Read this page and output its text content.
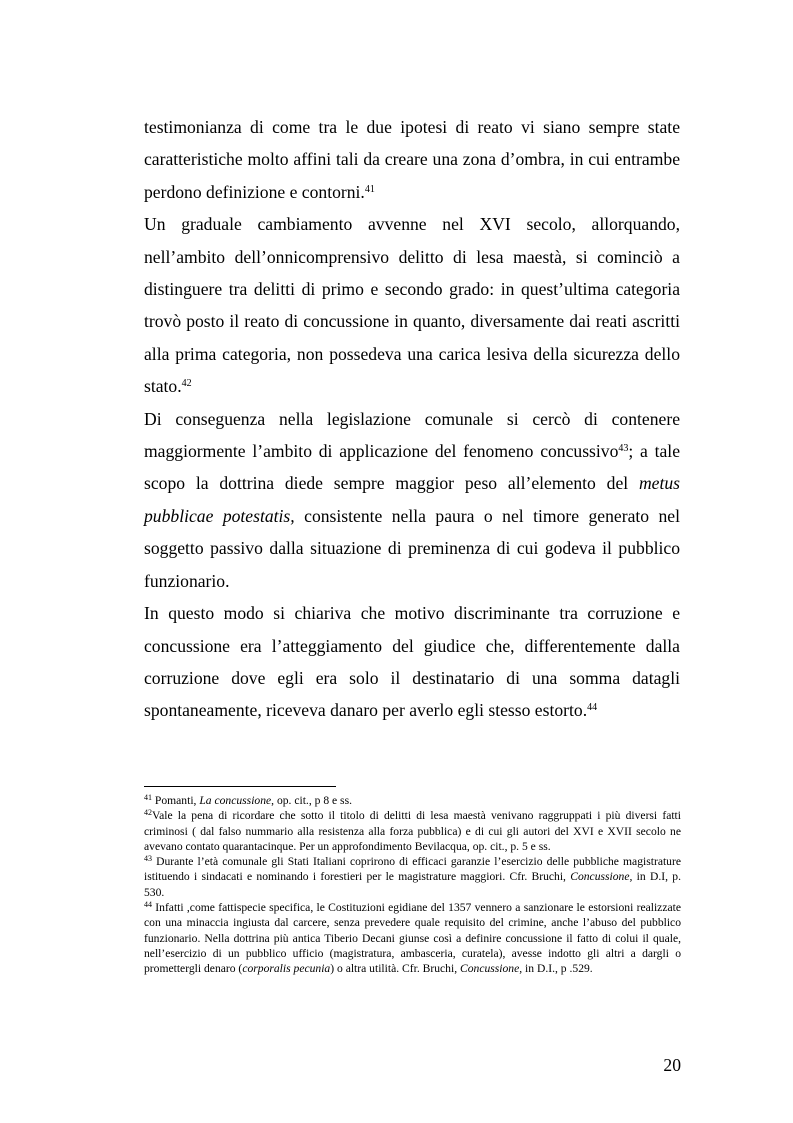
testimonianza di come tra le due ipotesi di reato vi siano sempre state caratteristiche molto affini tali da creare una zona d’ombra, in cui entrambe perdono definizione e contorni.$^{41}$

Un graduale cambiamento avvenne nel XVI secolo, allorquando, nell’ambito dell’onnicomprensivo delitto di lesa maestà, si cominciò a distinguere tra delitti di primo e secondo grado: in quest’ultima categoria trovò posto il reato di concussione in quanto, diversamente dai reati ascritti alla prima categoria, non possedeva una carica lesiva della sicurezza dello stato.$^{42}$

Di conseguenza nella legislazione comunale si cercò di contenere maggiormente l’ambito di applicazione del fenomeno concussivo$^{43}$; a tale scopo la dottrina diede sempre maggior peso all’elemento del metus pubblicae potestatis, consistente nella paura o nel timore generato nel soggetto passivo dalla situazione di preminenza di cui godeva il pubblico funzionario.

In questo modo si chiariva che motivo discriminante tra corruzione e concussione era l’atteggiamento del giudice che, differentemente dalla corruzione dove egli era solo il destinatario di una somma datagli spontaneamente, riceveva danaro per averlo egli stesso estorto.$^{44}$

$^{41}$ Pomanti, La concussione, op. cit., p 8 e ss.

$^{42}$Vale la pena di ricordare che sotto il titolo di delitti di lesa maestà venivano raggruppati i più diversi fatti criminosi ( dal falso nummario alla resistenza alla forza pubblica) e di cui gli autori del XVI e XVII secolo ne avevano contato quarantacinque. Per un approfondimento Bevilacqua, op. cit., p. 5 e ss.

$^{43}$ Durante l’età comunale gli Stati Italiani coprirono di efficaci garanzie l’esercizio delle pubbliche magistrature istituendo i sindacati e nominando i forestieri per le magistrature maggiori. Cfr. Bruchi, Concussione, in D.I, p. 530.

$^{44}$ Infatti ,come fattispecie specifica, le Costituzioni egidiane del 1357 vennero a sanzionare le estorsioni realizzate con una minaccia ingiusta dal carcere, senza prevedere quale requisito del crimine, anche l’abuso del pubblico funzionario. Nella dottrina più antica Tiberio Decani giunse così a definire concussione il fatto di colui il quale, nell’esercizio di un pubblico ufficio (magistratura, ambasceria, curatela), avesse indotto gli altri a dargli o promettergli denaro (corporalis pecunia) o altra utilità. Cfr. Bruchi, Concussione, in D.I., p .529.

20
